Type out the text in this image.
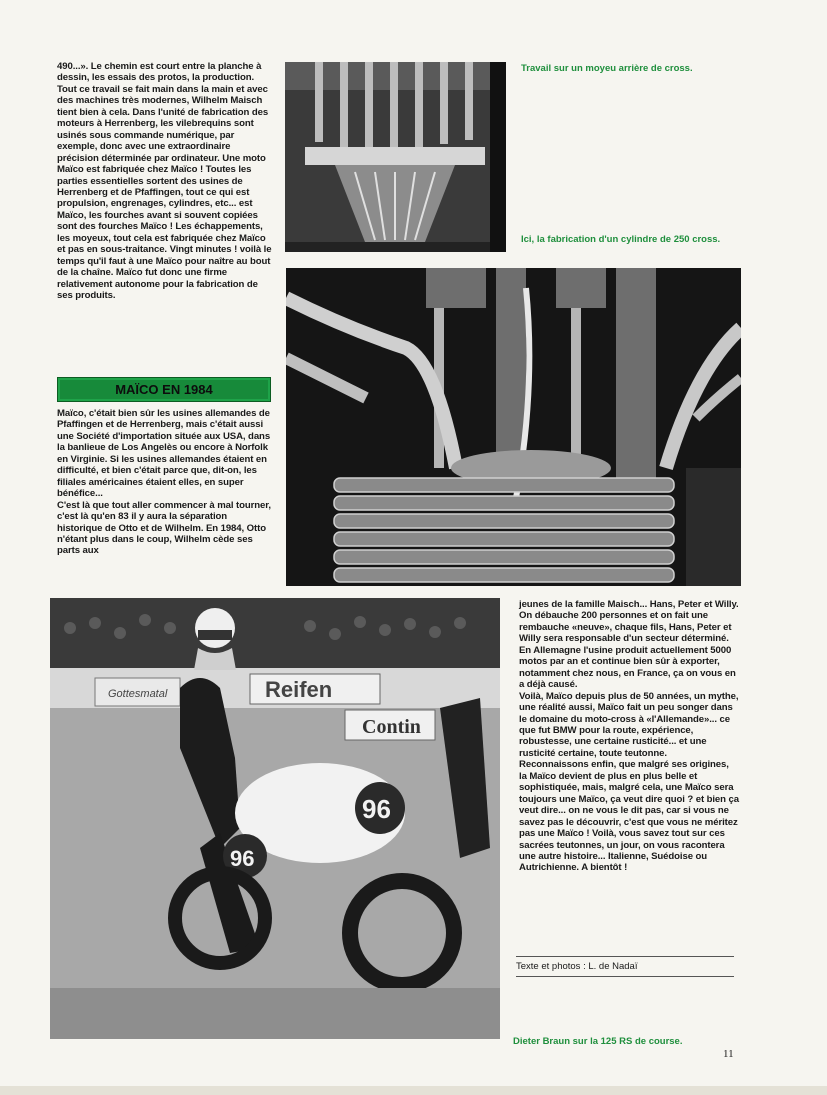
490...». Le chemin est court entre la planche à dessin, les essais des protos, la production. Tout ce travail se fait main dans la main et avec des machines très modernes, Wilhelm Maisch tient bien à cela. Dans l'unité de fabrication des moteurs à Herrenberg, les vilebrequins sont usinés sous commande numérique, par exemple, donc avec une extraordinaire précision déterminée par ordinateur. Une moto Maïco est fabriquée chez Maïco ! Toutes les parties essentielles sortent des usines de Herrenberg et de Pfaffingen, tout ce qui est propulsion, engrenages, cylindres, etc... est Maïco, les fourches avant si souvent copiées sont des fourches Maïco ! Les échappements, les moyeux, tout cela est fabriquée chez Maïco et pas en sous-traitance. Vingt minutes ! voilà le temps qu'il faut à une Maïco pour naître au bout de la chaîne. Maïco fut donc une firme relativement autonome pour la fabrication de ses produits.

MAÏCO EN 1984

Maïco, c'était bien sûr les usines allemandes de Pfaffingen et de Herrenberg, mais c'était aussi une Société d'importation située aux USA, dans la banlieue de Los Angelès ou encore à Norfolk en Virginie. Si les usines allemandes étaient en difficulté, et bien c'était parce que, dit-on, les filiales américaines étaient elles, en super bénéfice...

C'est là que tout aller commencer à mal tourner, c'est là qu'en 83 il y aura la séparation historique de Otto et de Wilhelm. En 1984, Otto n'étant plus dans le coup, Wilhelm cède ses parts aux

jeunes de la famille Maisch... Hans, Peter et Willy. On débauche 200 personnes et on fait une rembauche «neuve», chaque fils, Hans, Peter et Willy sera responsable d'un secteur déterminé. En Allemagne l'usine produit actuellement 5000 motos par an et continue bien sûr à exporter, notamment chez nous, en France, ça on vous en a déjà causé.

Voilà, Maïco depuis plus de 50 années, un mythe, une réalité aussi, Maïco fait un peu songer dans le domaine du moto-cross à «l'Allemande»... ce que fut BMW pour la route, expérience, robustesse, une certaine rusticité... et une rusticité certaine, toute teutonne. Reconnaissons enfin, que malgré ses origines, la Maïco devient de plus en plus belle et sophistiquée, mais, malgré cela, une Maïco sera toujours une Maïco, ça veut dire quoi ? et bien ça veut dire... on ne vous le dit pas, car si vous ne savez pas le découvrir, c'est que vous ne méritez pas une Maïco ! Voilà, vous savez tout sur ces sacrées teutonnes, un jour, on vous racontera une autre histoire... Italienne, Suédoise ou Autrichienne. A bientôt !

Travail sur un moyeu arrière de cross.
Ici, la fabrication d'un cylindre de 250 cross.
Gottesmatal	Reifen
Contin
96
96
Texte et photos : L. de Nadaï
Dieter Braun sur la 125 RS de course.
11
